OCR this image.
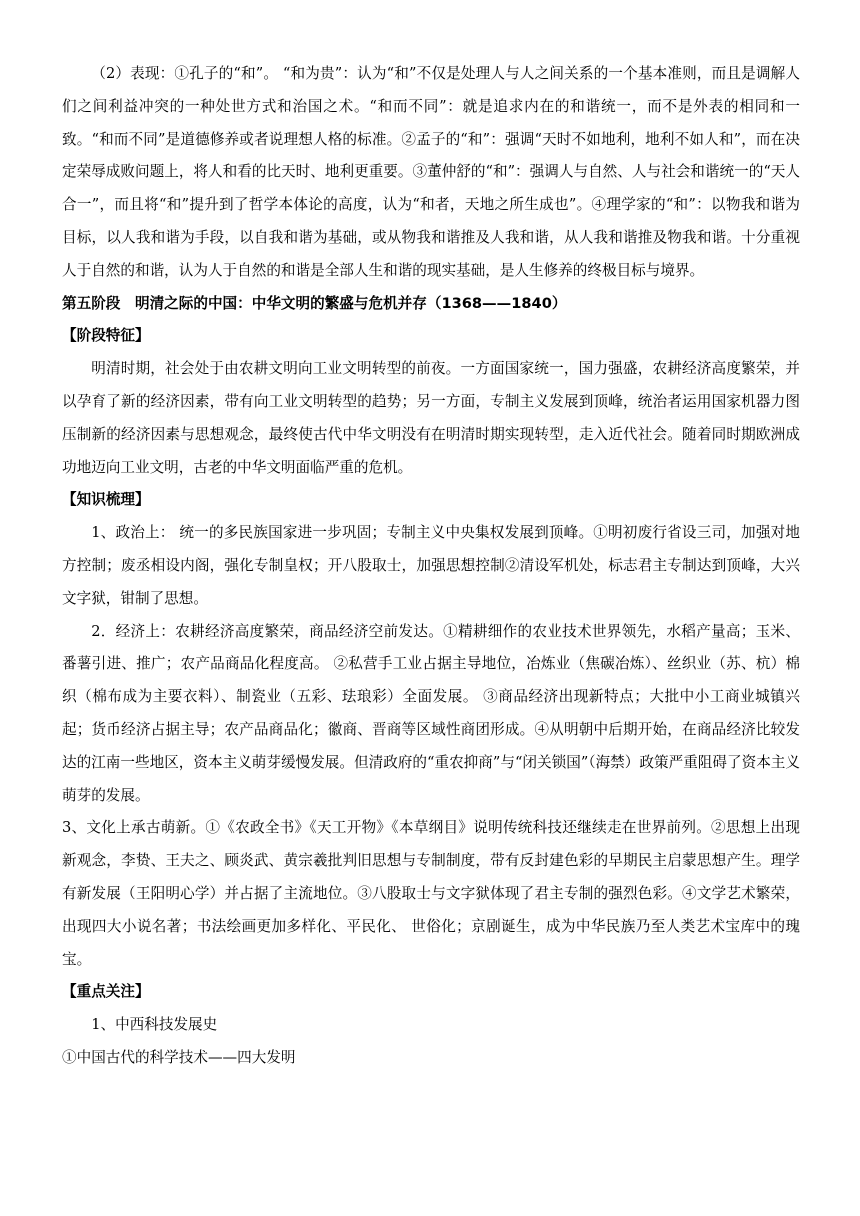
（2）表现：①孔子的“和”。 “和为贵”：认为“和”不仅是处理人与人之间关系的一个基本准则，而且是调解人们之间利益冲突的一种处世方式和治国之术。“和而不同”：就是追求内在的和谐统一，而不是外表的相同和一致。“和而不同”是道德修养或者说理想人格的标准。②孟子的“和”：强调“天时不如地利，地利不如人和”，而在决定荣辱成败问题上，将人和看的比天时、地利更重要。③董仲舒的“和”：强调人与自然、人与社会和谐统一的“天人合一”，而且将“和”提升到了哲学本体论的高度，认为“和者，天地之所生成也”。④理学家的“和”：以物我和谐为目标，以人我和谐为手段，以自我和谐为基础，或从物我和谐推及人我和谐，从人我和谐推及物我和谐。十分重视人于自然的和谐，认为人于自然的和谐是全部人生和谐的现实基础，是人生修养的终极目标与境界。

第五阶段　明清之际的中国：中华文明的繁盛与危机并存（1368——1840）

【阶段特征】

明清时期，社会处于由农耕文明向工业文明转型的前夜。一方面国家统一，国力强盛，农耕经济高度繁荣，并以孕育了新的经济因素，带有向工业文明转型的趋势；另一方面，专制主义发展到顶峰，统治者运用国家机器力图压制新的经济因素与思想观念，最终使古代中华文明没有在明清时期实现转型，走入近代社会。随着同时期欧洲成功地迈向工业文明，古老的中华文明面临严重的危机。

【知识梳理】

1、政治上： 统一的多民族国家进一步巩固；专制主义中央集权发展到顶峰。①明初废行省设三司，加强对地方控制；废丞相设内阁，强化专制皇权；开八股取士，加强思想控制②清设军机处，标志君主专制达到顶峰，大兴文字狱，钳制了思想。

2．经济上：农耕经济高度繁荣，商品经济空前发达。①精耕细作的农业技术世界领先，水稻产量高；玉米、番薯引进、推广；农产品商品化程度高。 ②私营手工业占据主导地位，冶炼业（焦碳冶炼）、丝织业（苏、杭）棉织（棉布成为主要衣料）、制瓷业（五彩、珐琅彩）全面发展。 ③商品经济出现新特点；大批中小工商业城镇兴起；货币经济占据主导；农产品商品化；徽商、晋商等区域性商团形成。④从明朝中后期开始，在商品经济比较发达的江南一些地区，资本主义萌芽缓慢发展。但清政府的“重农抑商”与“闭关锁国”（海禁）政策严重阻碍了资本主义萌芽的发展。

3、文化上承古萌新。①《农政全书》《天工开物》《本草纲目》说明传统科技还继续走在世界前列。②思想上出现新观念，李贽、王夫之、顾炎武、黄宗羲批判旧思想与专制制度，带有反封建色彩的早期民主启蒙思想产生。理学有新发展（王阳明心学）并占据了主流地位。③八股取士与文字狱体现了君主专制的强烈色彩。④文学艺术繁荣，出现四大小说名著；书法绘画更加多样化、平民化、 世俗化；京剧诞生，成为中华民族乃至人类艺术宝库中的瑰宝。

【重点关注】

1、中西科技发展史

①中国古代的科学技术——四大发明
